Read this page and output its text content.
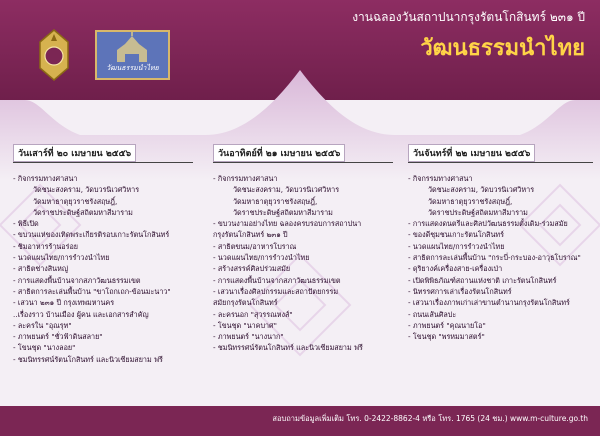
วัฒนธรรมนำไทย
งานฉลองวันสถาปนากรุงรัตนโกสินทร์ ๒๓๑ ปี
วัฒนธรรมนำไทย
วันเสาร์ที่ ๒๐ เมษายน ๒๕๕๖
- กิจกรรมทางศาสนา
วัดชนะสงคราม, วัดบวรนิเวศวิหาร
วัดมหาธาตุยุวราชรังสฤษฎิ์,
วัดราชประดิษฐ์สถิตมหาสีมาราม
- พิธีเปิด
- ขบวนแห่ของเทิดพระเกียรติรอบเกาะรัตนโกสินทร์
- ชิมอาหารร้านอร่อย
- นวดแผนไทย/การรำวงนำไทย
- สาธิตช่างสินหญู่
- การแสดงพื้นบ้านจากสภาวัฒนธรรมเขต
- สาธิตการละเล่นพื้นบ้าน "ขาโถกเถก-ข้อนมะนาว"
- เสวนา ๒๓๑ ปี กรุงเทพมหานคร
..เรื่องราว บ้านเมือง ผู้คน และเอกสารสำคัญ
- ละครใน "อุณรุท"
- ภาพยนตร์ "ชั่วฟ้าดินสลาย"
- โขนชุด "นางลอย"
- ชมนิทรรศน์รัตนโกสินทร์ และนิวเซียมสยาม ฟรี
วันอาทิตย์ที่ ๒๑ เมษายน ๒๕๕๖
- กิจกรรมทางศาสนา
วัดชนะสงคราม, วัดบวรนิเวศวิหาร
วัดมหาธาตุยุวราชรังสฤษฎิ์,
วัดราชประดิษฐ์สถิตมหาสีมาราม
- ขบวนงามอย่างไทย ฉลองครบรอบการสถาปนา
กรุงรัตนโกสินทร์ ๒๓๑ ปี
- สาธิตขนม/อาหารโบราณ
- นวดแผนไทย/การรำวงนำไทย
- สร้างสรรค์ศิลปร่วมสมัย
- การแสดงพื้นบ้านจากสภาวัฒนธรรมเขต
- เสวนาเรื่องศิลปกรรมและสถาปัตยกรรม
สมัยกรุงรัตนโกสินทร์
- ละครนอก "สุวรรณหงส์"
- โขนชุด "นาคบาศ"
- ภาพยนตร์ "นางนาก"
- ชมนิทรรศน์รัตนโกสินทร์ และนิวเซียมสยาม ฟรี
วันจันทร์ที่ ๒๒ เมษายน ๒๕๕๖
- กิจกรรมทางศาสนา
วัดชนะสงคราม, วัดบวรนิเวศวิหาร
วัดมหาธาตุยุวราชรังสฤษฎิ์,
วัดราชประดิษฐ์สถิตมหาสีมาราม
- การแสดงดนตรีและศิลปวัฒนธรรมตั้งเดิม-ร่วมสมัย
- ของดีชุมชนเกาะรัตนโกสินทร์
- นวดแผนไทย/การรำวงนำไทย
- สาธิตการละเล่นพื้นบ้าน "กระบี่-กระบอง-อาวุธโบราณ"
- ดุริยางค์เครื่องสาย-เครื่องเป่า
- เปิดพิพิธภัณฑ์สถานแห่งชาติ เกาะรัตนโกสินทร์
- นิทรรศการเล่าเรื่องรัตนโกสินทร์
- เสวนาเรื่องภาพเก่าเล่าขานตำนานกรุงรัตนโกสินทร์
- ถนนเส้นศิลปะ
- ภาพยนตร์ "คุณนายโอ"
- โขนชุด "พรหมมาสตร์"
สอบถามข้อมูลเพิ่มเติม โทร. 0-2422-8862-4 หรือ โทร. 1765 (24 ชม.) www.m-culture.go.th
